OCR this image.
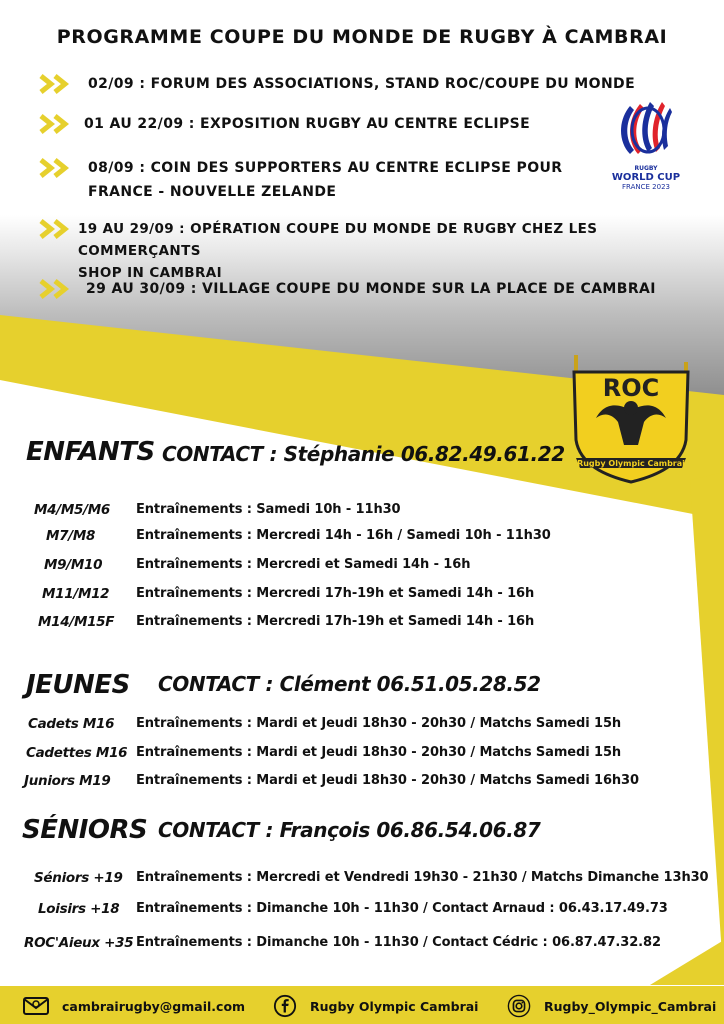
PROGRAMME COUPE DU MONDE DE RUGBY À CAMBRAI
02/09 : FORUM DES ASSOCIATIONS, STAND ROC/COUPE DU MONDE
01 AU 22/09 : EXPOSITION RUGBY AU CENTRE ECLIPSE
08/09 : COIN DES SUPPORTERS AU CENTRE ECLIPSE POUR
FRANCE - NOUVELLE ZELANDE
19 AU 29/09 : OPÉRATION COUPE DU MONDE DE RUGBY CHEZ LES COMMERÇANTS
SHOP IN CAMBRAI
29 AU 30/09 : VILLAGE COUPE DU MONDE SUR LA PLACE DE CAMBRAI
RUGBY
WORLD CUP
FRANCE 2023
ROC
Rugby Olympic Cambrai
ENFANTS CONTACT : Stéphanie 06.82.49.61.22
M4/M5/M6 Entraînements : Samedi 10h - 11h30
M7/M8	Entraînements : Mercredi 14h - 16h / Samedi 10h - 11h30
M9/M10	Entraînements : Mercredi et Samedi 14h - 16h
M11/M12 Entraînements : Mercredi 17h-19h et Samedi 14h - 16h
M14/M15F Entraînements : Mercredi 17h-19h et Samedi 14h - 16h
JEUNES CONTACT : Clément 06.51.05.28.52
Cadets M16 Entraînements : Mardi et Jeudi 18h30 - 20h30 / Matchs Samedi 15h
Cadettes M16 Entraînements : Mardi et Jeudi 18h30 - 20h30 / Matchs Samedi 15h
Juniors M19 Entraînements : Mardi et Jeudi 18h30 - 20h30 / Matchs Samedi 16h30
SÉNIORS CONTACT : François 06.86.54.06.87
Séniors +19 Entraînements : Mercredi et Vendredi 19h30 - 21h30 / Matchs Dimanche 13h30
Loisirs +18 Entraînements : Dimanche 10h - 11h30 / Contact Arnaud : 06.43.17.49.73
ROC'Aieux +35 Entraînements : Dimanche 10h - 11h30 / Contact Cédric : 06.87.47.32.82
cambrairugby@gmail.com	Rugby Olympic Cambrai	Rugby_Olympic_Cambrai
